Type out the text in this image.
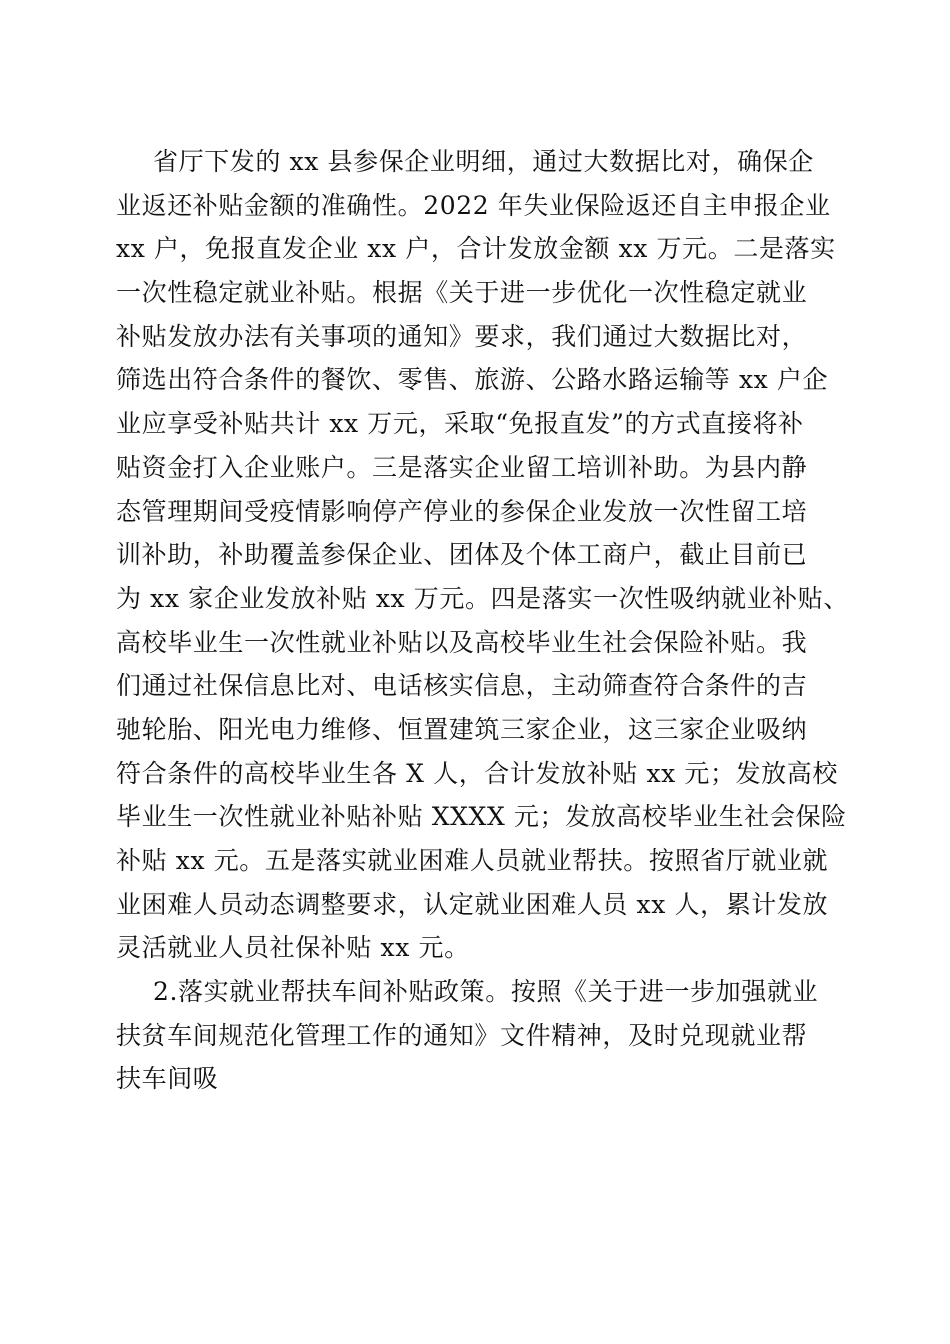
省厅下发的 xx 县参保企业明细，通过大数据比对，确保企
业返还补贴金额的准确性。2022 年失业保险返还自主申报企业
xx 户，免报直发企业 xx 户，合计发放金额 xx 万元。二是落实
一次性稳定就业补贴。根据《关于进一步优化一次性稳定就业
补贴发放办法有关事项的通知》要求，我们通过大数据比对，
筛选出符合条件的餐饮、零售、旅游、公路水路运输等 xx 户企
业应享受补贴共计 xx 万元，采取“免报直发”的方式直接将补
贴资金打入企业账户。三是落实企业留工培训补助。为县内静
态管理期间受疫情影响停产停业的参保企业发放一次性留工培
训补助，补助覆盖参保企业、团体及个体工商户，截止目前已
为 xx 家企业发放补贴 xx 万元。四是落实一次性吸纳就业补贴、
高校毕业生一次性就业补贴以及高校毕业生社会保险补贴。我
们通过社保信息比对、电话核实信息，主动筛查符合条件的吉
驰轮胎、阳光电力维修、恒置建筑三家企业，这三家企业吸纳
符合条件的高校毕业生各 X 人，合计发放补贴 xx 元；发放高校
毕业生一次性就业补贴补贴 XXXX 元；发放高校毕业生社会保险
补贴 xx 元。五是落实就业困难人员就业帮扶。按照省厅就业就
业困难人员动态调整要求，认定就业困难人员 xx 人，累计发放
灵活就业人员社保补贴 xx 元。
2.落实就业帮扶车间补贴政策。按照《关于进一步加强就业
扶贫车间规范化管理工作的通知》文件精神，及时兑现就业帮
扶车间吸
